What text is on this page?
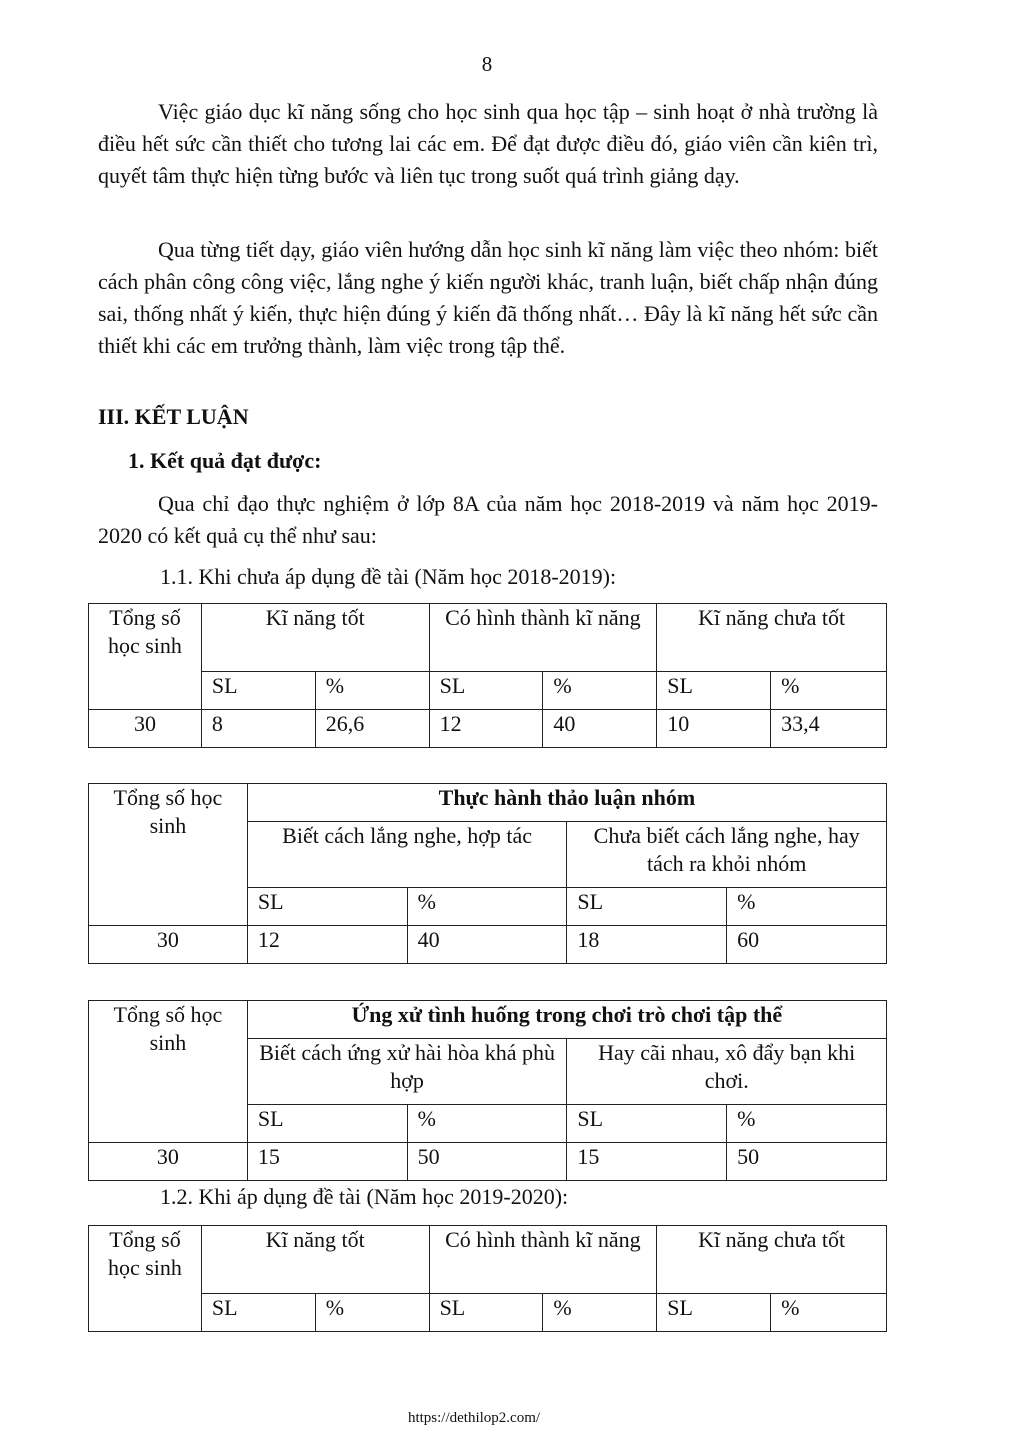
8

Việc giáo dục kĩ năng sống cho học sinh qua học tập – sinh hoạt ở nhà trường là điều hết sức cần thiết cho tương lai các em. Để đạt được điều đó, giáo viên cần kiên trì, quyết tâm thực hiện từng bước và liên tục trong suốt quá trình giảng dạy.

Qua từng tiết dạy, giáo viên hướng dẫn học sinh kĩ năng làm việc theo nhóm: biết cách phân công công việc, lắng nghe ý kiến người khác, tranh luận, biết chấp nhận đúng sai, thống nhất ý kiến, thực hiện đúng ý kiến đã thống nhất… Đây là kĩ năng hết sức cần thiết khi các em trưởng thành, làm việc trong tập thể.

III. KẾT LUẬN

1. Kết quả đạt được:

Qua chỉ đạo thực nghiệm ở lớp 8A của năm học 2018-2019 và năm học 2019-2020 có kết quả cụ thể như sau:

1.1. Khi chưa áp dụng đề tài (Năm học 2018-2019):

Tổng số học sinh	Kĩ năng tốt		Có hình thành kĩ năng		Kĩ năng chưa tốt	
	SL	%	SL	%	SL	%
30	8	26,6	12	40	10	33,4
Tổng số học sinh	Thực hành thảo luận nhóm			
	Biết cách lắng nghe, hợp tác		Chưa biết cách lắng nghe, hay tách ra khỏi nhóm	
	SL	%	SL	%
30	12	40	18	60
Tổng số học sinh	Ứng xử tình huống trong chơi trò chơi tập thể			
	Biết cách ứng xử hài hòa khá phù hợp		Hay cãi nhau, xô đẩy bạn khi chơi.	
	SL	%	SL	%
30	15	50	15	50

1.2. Khi áp dụng đề tài (Năm học 2019-2020):

Tổng số học sinh	Kĩ năng tốt		Có hình thành kĩ năng		Kĩ năng chưa tốt	
	SL	%	SL	%	SL	%
https://dethilop2.com/
